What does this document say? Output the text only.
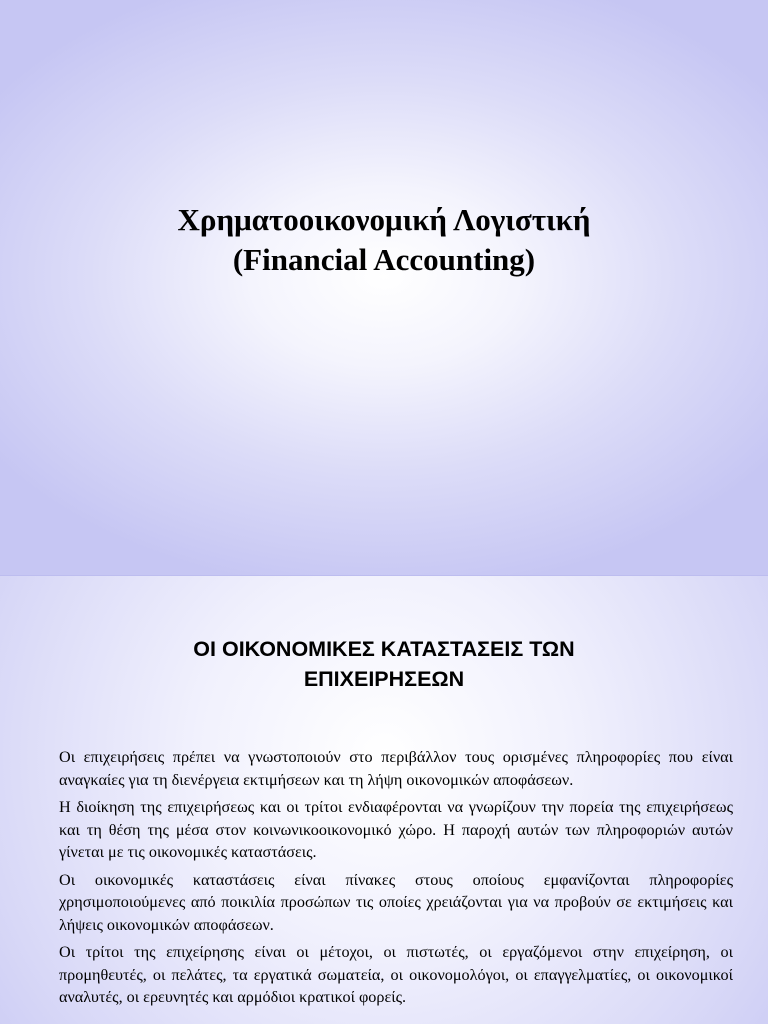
Χρηματοοικονομική Λογιστική
(Financial Accounting)
ΟΙ ΟΙΚΟΝΟΜΙΚΕΣ ΚΑΤΑΣΤΑΣΕΙΣ ΤΩΝ
ΕΠΙΧΕΙΡΗΣΕΩΝ

Οι επιχειρήσεις πρέπει να γνωστοποιούν στο περιβάλλον τους ορισμένες πληροφορίες που είναι αναγκαίες για τη διενέργεια εκτιμήσεων και τη λήψη οικονομικών αποφάσεων.

Η διοίκηση της επιχειρήσεως και οι τρίτοι ενδιαφέρονται να γνωρίζουν την πορεία της επιχειρήσεως και τη θέση της μέσα στον κοινωνικοοικονομικό χώρο. Η παροχή αυτών των πληροφοριών αυτών γίνεται με τις οικονομικές καταστάσεις.

Οι οικονομικές καταστάσεις είναι πίνακες στους οποίους εμφανίζονται πληροφορίες χρησιμοποιούμενες από ποικιλία προσώπων τις οποίες χρειάζονται για να προβούν σε εκτιμήσεις και λήψεις οικονομικών αποφάσεων.

Οι τρίτοι της επιχείρησης είναι οι μέτοχοι, οι πιστωτές, οι εργαζόμενοι στην επιχείρηση, οι προμηθευτές, οι πελάτες, τα εργατικά σωματεία, οι οικονομολόγοι, οι επαγγελματίες, οι οικονομικοί αναλυτές, οι ερευνητές και αρμόδιοι κρατικοί φορείς.
